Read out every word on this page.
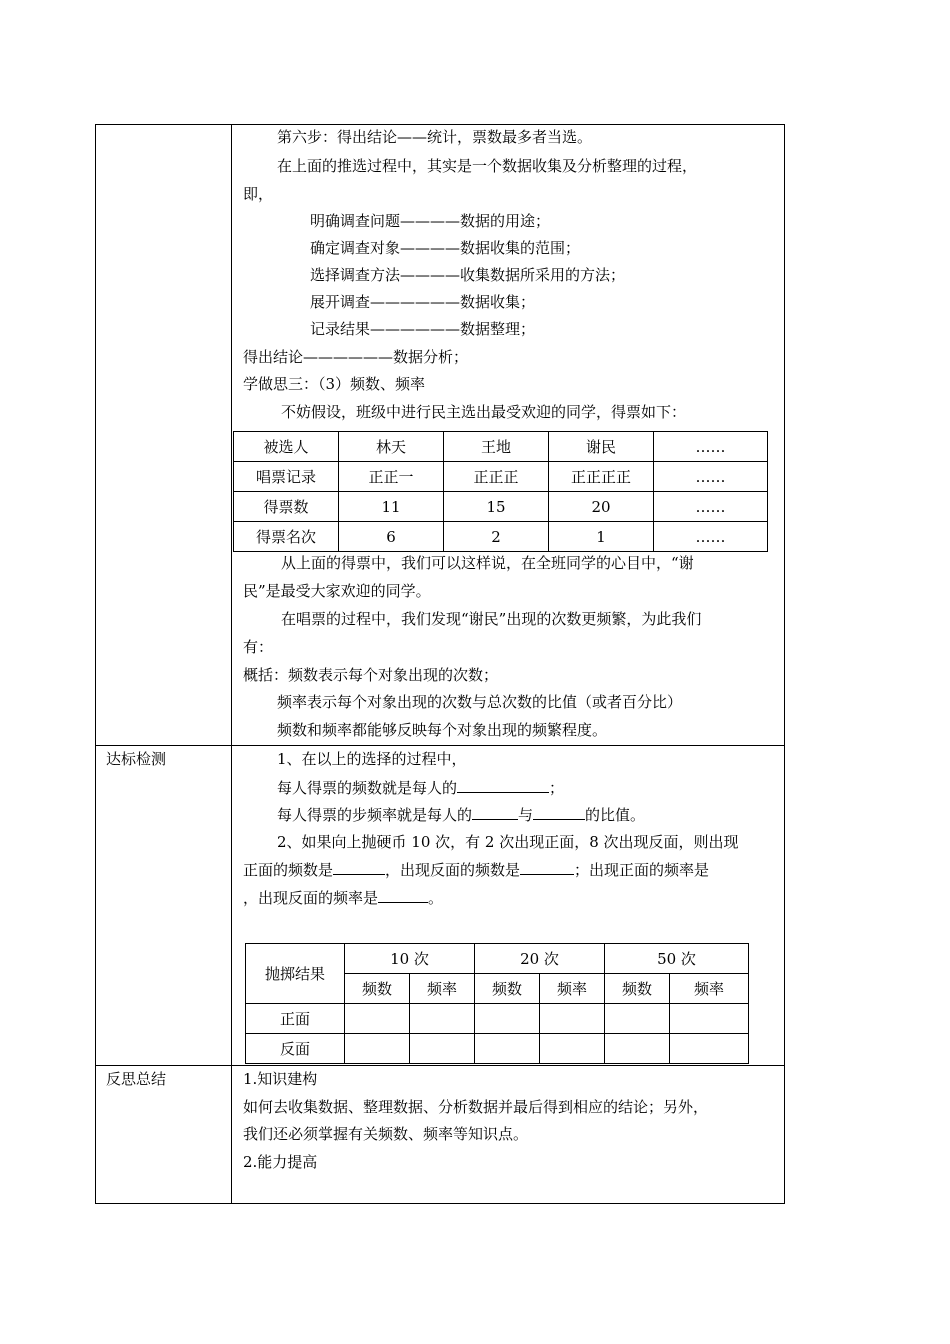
第六步：得出结论——统计，票数最多者当选。
在上面的推选过程中，其实是一个数据收集及分析整理的过程，
即，
明确调查问题————数据的用途；
确定调查对象————数据收集的范围；
选择调查方法————收集数据所采用的方法；
展开调查——————数据收集；
记录结果——————数据整理；
得出结论——————数据分析；
学做思三：（3）频数、频率
不妨假设，班级中进行民主选出最受欢迎的同学，得票如下：
被选人	林天	王地	谢民	……
唱票记录	正正一	正正正	正正正正	……
得票数	11	15	20	……
得票名次	6	2	1	……
从上面的得票中，我们可以这样说，在全班同学的心目中，“谢
民”是最受大家欢迎的同学。
在唱票的过程中，我们发现“谢民”出现的次数更频繁，为此我们
有：
概括：频数表示每个对象出现的次数；
频率表示每个对象出现的次数与总次数的比值（或者百分比）
频数和频率都能够反映每个对象出现的频繁程度。
达标检测	1、在以上的选择的过程中，
每人得票的频数就是每人的	；
每人得票的步频率就是每人的	与	的比值。
2、如果向上抛硬币 10 次，有 2 次出现正面，8 次出现反面，则出现
正面的频数是	，出现反面的频数是	；出现正面的频率是
，出现反面的频率是	。
抛掷结果	10 次		20 次		50 次	
	频数	频率	频数	频率	频数	频率
正面						
反面						
反思总结	1.知识建构
如何去收集数据、整理数据、分析数据并最后得到相应的结论；另外，
我们还必须掌握有关频数、频率等知识点。
2.能力提高
